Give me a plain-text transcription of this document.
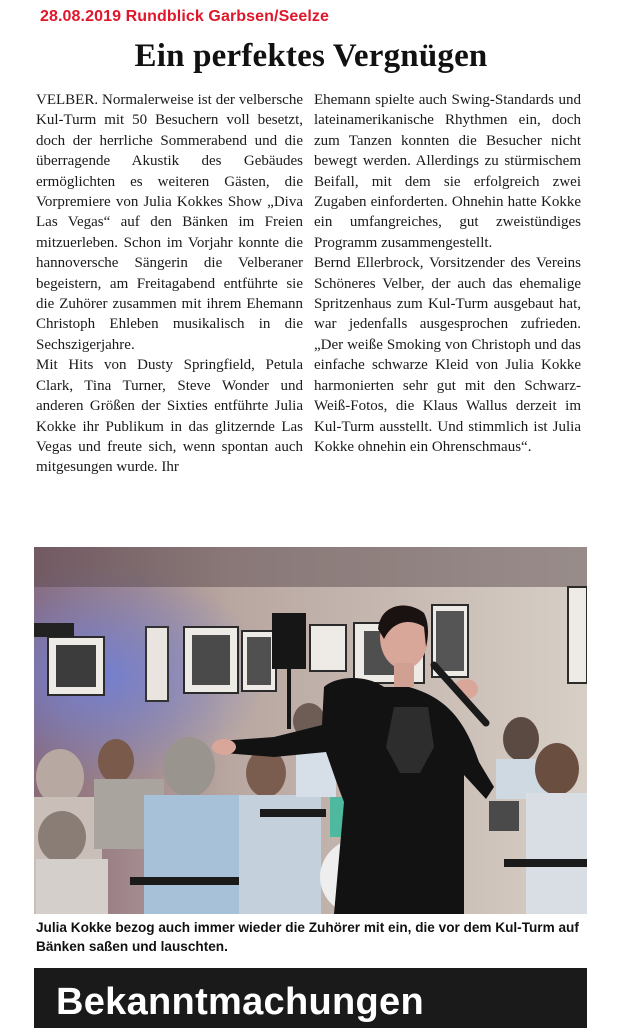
28.08.2019 Rundblick Garbsen/Seelze
Ein perfektes Vergnügen

VELBER. Normalerweise ist der velbersche Kul-Turm mit 50 Besuchern voll besetzt, doch der herrliche Sommerabend und die überragende Akustik des Gebäudes ermöglichten es weiteren Gästen, die Vorpremiere von Julia Kokkes Show „Diva Las Vegas“ auf den Bänken im Freien mitzuerleben. Schon im Vorjahr konnte die hannoversche Sängerin die Velberaner begeistern, am Freitagabend entführte sie die Zuhörer zusammen mit ihrem Ehemann Christoph Ehleben musikalisch in die Sechszigerjahre.

Mit Hits von Dusty Springfield, Petula Clark, Tina Turner, Steve Wonder und anderen Größen der Sixties entführte Julia Kokke ihr Publikum in das glitzernde Las Vegas und freute sich, wenn spontan auch mitgesungen wurde. Ihr

Ehemann spielte auch Swing-Standards und lateinamerikanische Rhythmen ein, doch zum Tanzen konnten die Besucher nicht bewegt werden. Allerdings zu stürmischem Beifall, mit dem sie erfolgreich zwei Zugaben einforderten. Ohnehin hatte Kokke ein umfangreiches, gut zweistündiges Programm zusammengestellt.

Bernd Ellerbrock, Vorsitzender des Vereins Schöneres Velber, der auch das ehemalige Spritzenhaus zum Kul-Turm ausgebaut hat, war jedenfalls ausgesprochen zufrieden. „Der weiße Smoking von Christoph und das einfache schwarze Kleid von Julia Kokke harmonierten sehr gut mit den Schwarz-Weiß-Fotos, die Klaus Wallus derzeit im Kul-Turm ausstellt. Und stimmlich ist Julia Kokke ohnehin ein Ohrenschmaus“.

Julia Kokke bezog auch immer wieder die Zuhörer mit ein, die vor dem Kul-Turm auf Bänken saßen und lauschten.
Bekanntmachungen
